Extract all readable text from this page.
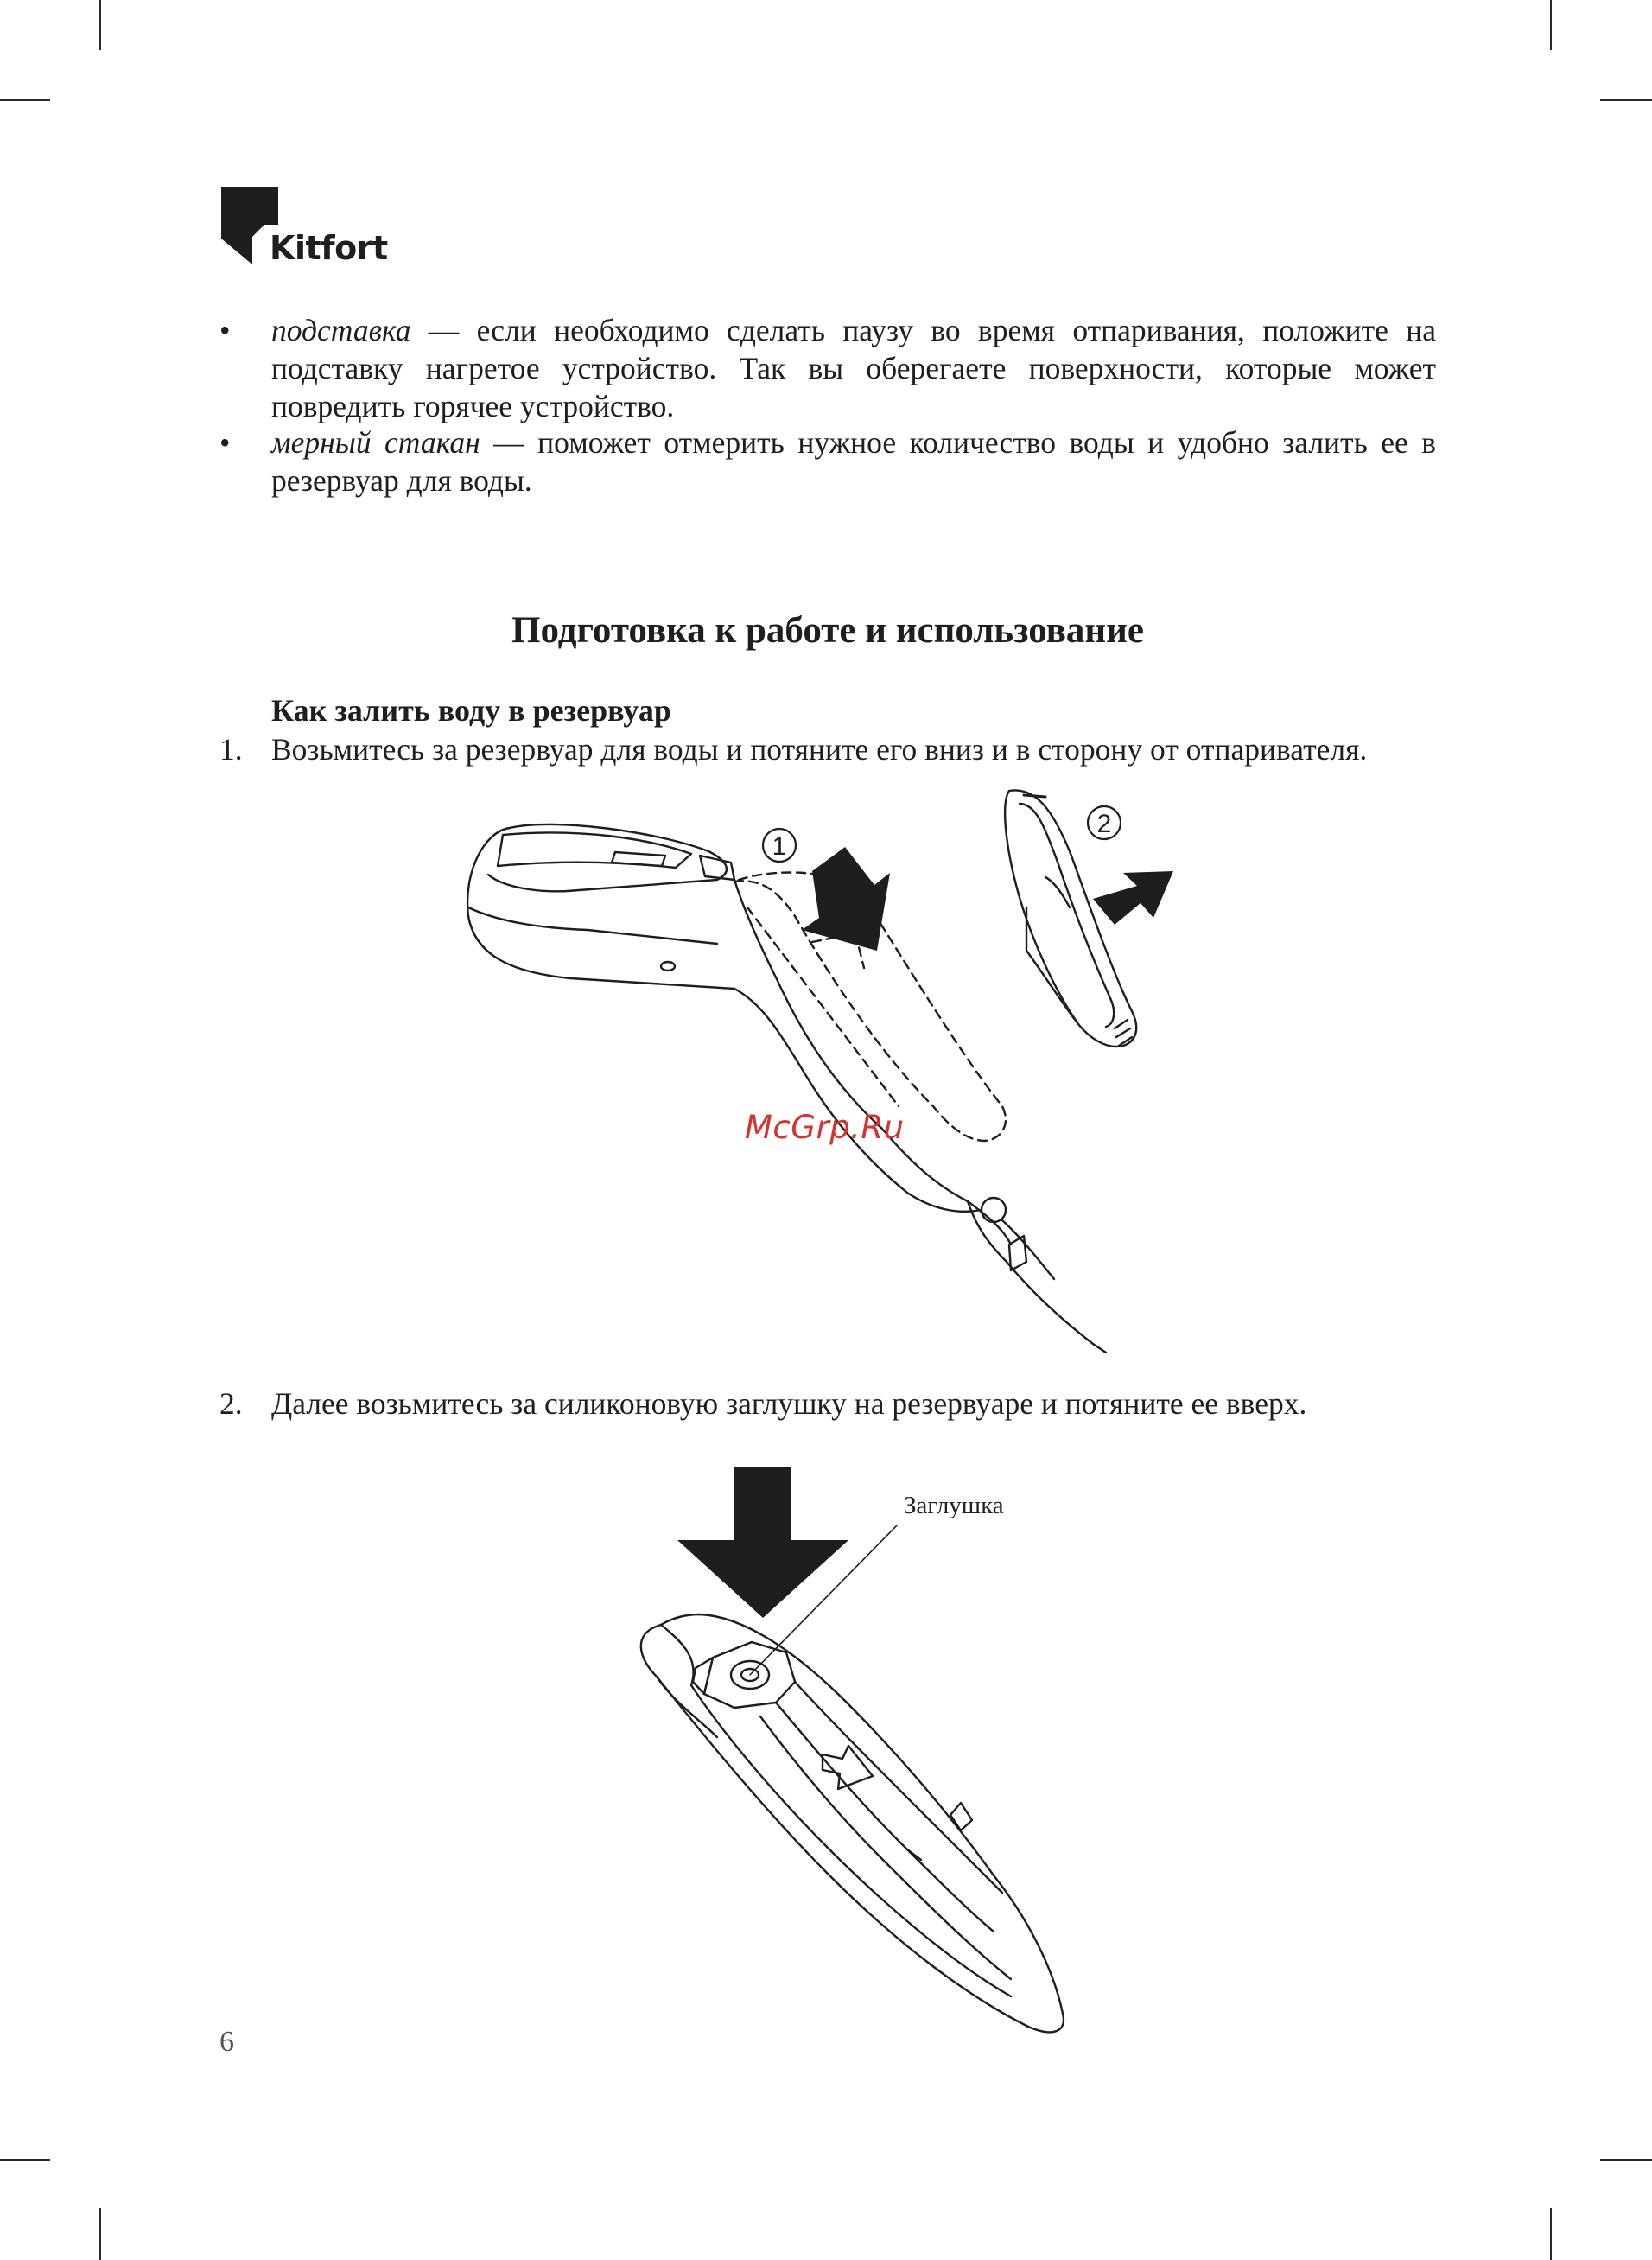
Kitfort
• подставка — если необходимо сделать паузу во время отпаривания, положите на подставку нагретое устройство. Так вы оберегаете поверхности, которые может повредить горячее устройство.
• мерный стакан — поможет отмерить нужное количество воды и удобно залить ее в резервуар для воды.
Подготовка к работе и использование
Как залить воду в резервуар
1. Возьмитесь за резервуар для воды и потяните его вниз и в сторону от отпаривателя.
1
2
McGrp.Ru
2. Далее возьмитесь за силиконовую заглушку на резервуаре и потяните ее вверх.
Заглушка
6
